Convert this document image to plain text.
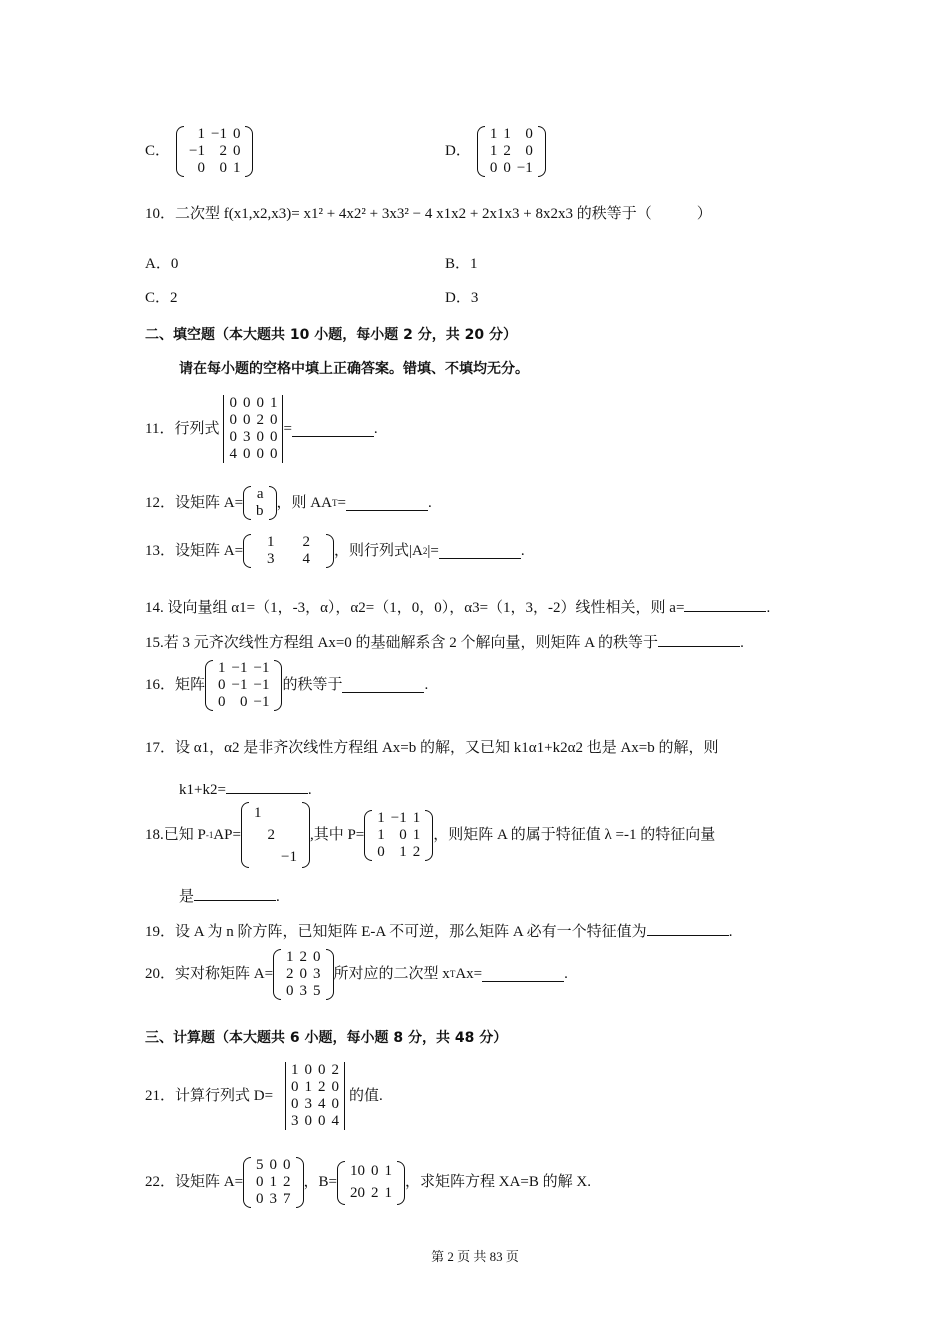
C．
1	−1	0
−1	2	0
0	0	1
D．
1	1	0
1	2	0
0	0	−1
10．二次型 f(x1,x2,x3)= x1² + 4x2² + 3x3² − 4 x1x2 + 2x1x3 + 8x2x3 的秩等于（　　　）
A．0	B．1
C．2	D．3
二、填空题（本大题共 10 小题，每小题 2 分，共 20 分）
请在每小题的空格中填上正确答案。错填、不填均无分。
11．行列式
0	0	0	1
0	0	2	0
0	3	0	0
4	0	0	0
=	.
12．设矩阵 A=
a
b
，则 AA T =	.
13．设矩阵 A=
1	2
3	4
，则行列式|A 2 |=	.
14. 设向量组 α1=（1，-3，α），α2=（1，0，0），α3=（1，3，-2）线性相关，则 a=	.
15.若 3 元齐次线性方程组 Ax=0 的基础解系含 2 个解向量，则矩阵 A 的秩等于	.
16．矩阵
1	−1	−1
0	−1	−1
0	0	−1
的秩等于	.
17．设 α1，α2 是非齐次线性方程组 Ax=b 的解，又已知 k1α1+k2α2 也是 Ax=b 的解，则
k1+k2=	.
18.已知 P -1 AP=
1		
	2	
		−1
,其中 P=
1	−1	1
1	0	1
0	1	2
，则矩阵 A 的属于特征值 λ =-1 的特征向量
是	.
19．设 A 为 n 阶方阵，已知矩阵 E-A 不可逆，那么矩阵 A 必有一个特征值为	.
20．实对称矩阵 A=
1	2	0
2	0	3
0	3	5
所对应的二次型 x T Ax=	.
三、计算题（本大题共 6 小题，每小题 8 分，共 48 分）
21．计算行列式 D=
1	0	0	2
0	1	2	0
0	3	4	0
3	0	0	4
的值.
22．设矩阵 A=
5	0	0
0	1	2
0	3	7
，B=
10	0	1
20	2	1
，求矩阵方程 XA=B 的解 X.
第 2 页 共 83 页
